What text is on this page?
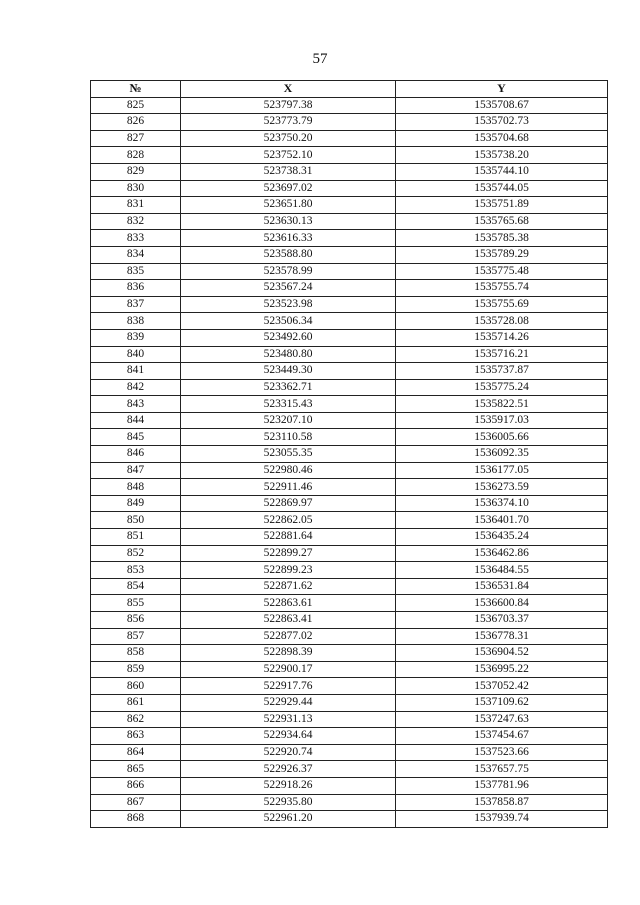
57
№	X	Y
825	523797.38	1535708.67
826	523773.79	1535702.73
827	523750.20	1535704.68
828	523752.10	1535738.20
829	523738.31	1535744.10
830	523697.02	1535744.05
831	523651.80	1535751.89
832	523630.13	1535765.68
833	523616.33	1535785.38
834	523588.80	1535789.29
835	523578.99	1535775.48
836	523567.24	1535755.74
837	523523.98	1535755.69
838	523506.34	1535728.08
839	523492.60	1535714.26
840	523480.80	1535716.21
841	523449.30	1535737.87
842	523362.71	1535775.24
843	523315.43	1535822.51
844	523207.10	1535917.03
845	523110.58	1536005.66
846	523055.35	1536092.35
847	522980.46	1536177.05
848	522911.46	1536273.59
849	522869.97	1536374.10
850	522862.05	1536401.70
851	522881.64	1536435.24
852	522899.27	1536462.86
853	522899.23	1536484.55
854	522871.62	1536531.84
855	522863.61	1536600.84
856	522863.41	1536703.37
857	522877.02	1536778.31
858	522898.39	1536904.52
859	522900.17	1536995.22
860	522917.76	1537052.42
861	522929.44	1537109.62
862	522931.13	1537247.63
863	522934.64	1537454.67
864	522920.74	1537523.66
865	522926.37	1537657.75
866	522918.26	1537781.96
867	522935.80	1537858.87
868	522961.20	1537939.74
